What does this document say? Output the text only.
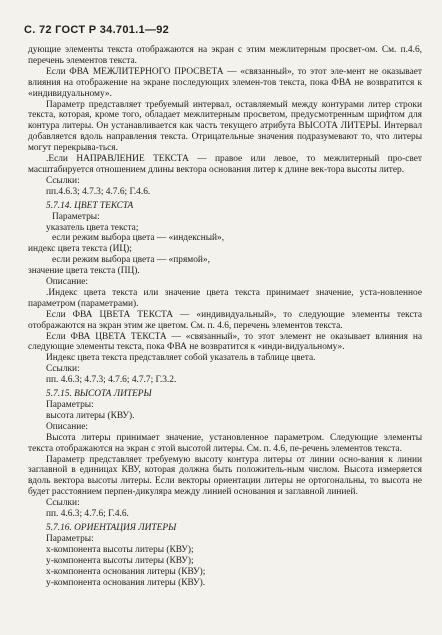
С. 72 ГОСТ Р 34.701.1—92

дующие элементы текста отображаются на экран с этим межлитерным просвет-ом. См. п.4.6, перечень элементов текста.

Если ФВА МЕЖЛИТЕРНОГО ПРОСВЕТА — «связанный», то этот эле-мент не оказывает влияния на отображение на экране последующих элемен-тов текста, пока ФВА не возвратится к «индивидуальному».

Параметр представляет требуемый интервал, оставляемый между контурами литер строки текста, которая, кроме того, обладает межлитерным просветом, предусмотренным шрифтом для контура литеры. Он устанавливается как часть текущего атрибута ВЫСОТА ЛИТЕРЫ. Интервал добавляется вдоль направления текста. Отрицательные значения подразумевают то, что литеры могут перекрыва-ться.

.Если НАПРАВЛЕНИЕ ТЕКСТА — правое или левое, то межлитерный про-свет масштабируется отношением длины вектора основания литер к длине век-тора высоты литер.

Ссылки:

пп.4.6.3; 4.7.3; 4.7.6; Г.4.6.

5.7.14. ЦВЕТ ТЕКСТА

Параметры:

указатель цвета текста;

если режим выбора цвета — «индексный»,

индекс цвета текста (ИЦ);

если режим выбора цвета — «прямой»,

значение цвета текста (ПЦ).

Описание:

.Индекс цвета текста или значение цвета текста принимает значение, уста-новленное параметром (параметрами).

Если ФВА ЦВЕТА ТЕКСТА — «индивидуальный», то следующие элементы текста отображаются на экран этим же цветом. См. п. 4.6, перечень элементов текста.

Если ФВА ЦВЕТА ТЕКСТА — «связанный», то этот элемент не оказывает влияния на следующие элементы текста, пока ФВА не возвратится к «инди-видуальному».

Индекс цвета текста представляет собой указатель в таблице цвета.

Ссылки:

пп. 4.6.3; 4.7.3; 4.7.6; 4.7.7; Г.3.2.

5.7.15. ВЫСОТА ЛИТЕРЫ

Параметры:

высота литеры (КВУ).

Описание:

Высота литеры принимает значение, установленное параметром. Следующие элементы текста отображаются на экран с этой высотой литеры. См. п. 4.6, пе-речень элементов текста.

Параметр представляет требуемую высоту контура литеры от линии осно-вания к линии заглавной в единицах КВУ, которая должна быть положитель-ным числом. Высота измеряется вдоль вектора высоты литеры. Если векторы ориентации литеры не ортогональны, то высота не будет расстоянием перпен-дикуляра между линией основания и заглавной линией.

Ссылки:

пп. 4.6.3; 4.7.6; Г.4.6.

5.7.16. ОРИЕНТАЦИЯ ЛИТЕРЫ

Параметры:

х-компонента высоты литеры (КВУ);

у-компонента высоты литеры (КВУ);

х-компонента основания литеры (КВУ);

у-компонента основания литеры (КВУ).
